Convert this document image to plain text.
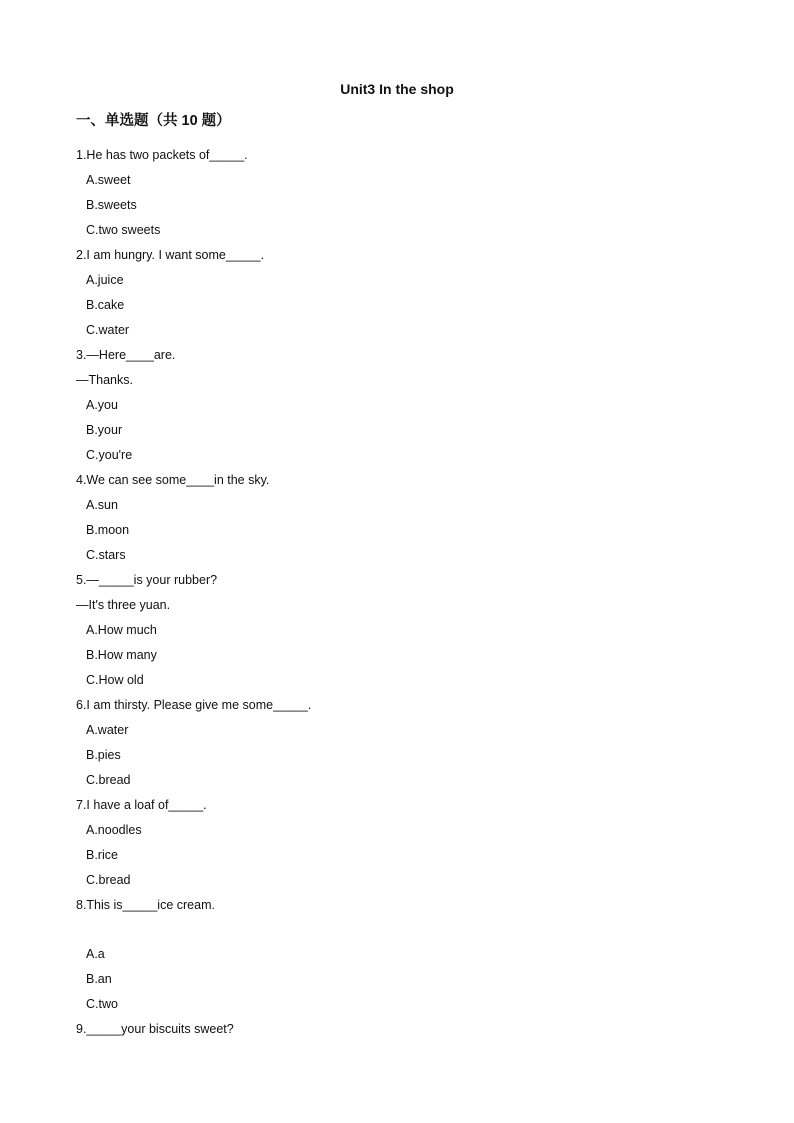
Unit3 In the shop
一、单选题（共 10 题）
1.He has two packets of_____.
A.sweet
B.sweets
C.two sweets
2.I am hungry. I want some_____.
A.juice
B.cake
C.water
3.—Here____are.
—Thanks.
A.you
B.your
C.you're
4.We can see some____in the sky.
A.sun
B.moon
C.stars
5.—_____is your rubber?
—It's three yuan.
A.How much
B.How many
C.How old
6.I am thirsty. Please give me some_____.
A.water
B.pies
C.bread
7.I have a loaf of_____.
A.noodles
B.rice
C.bread
8.This is_____ice cream.
A.a
B.an
C.two
9._____your biscuits sweet?
